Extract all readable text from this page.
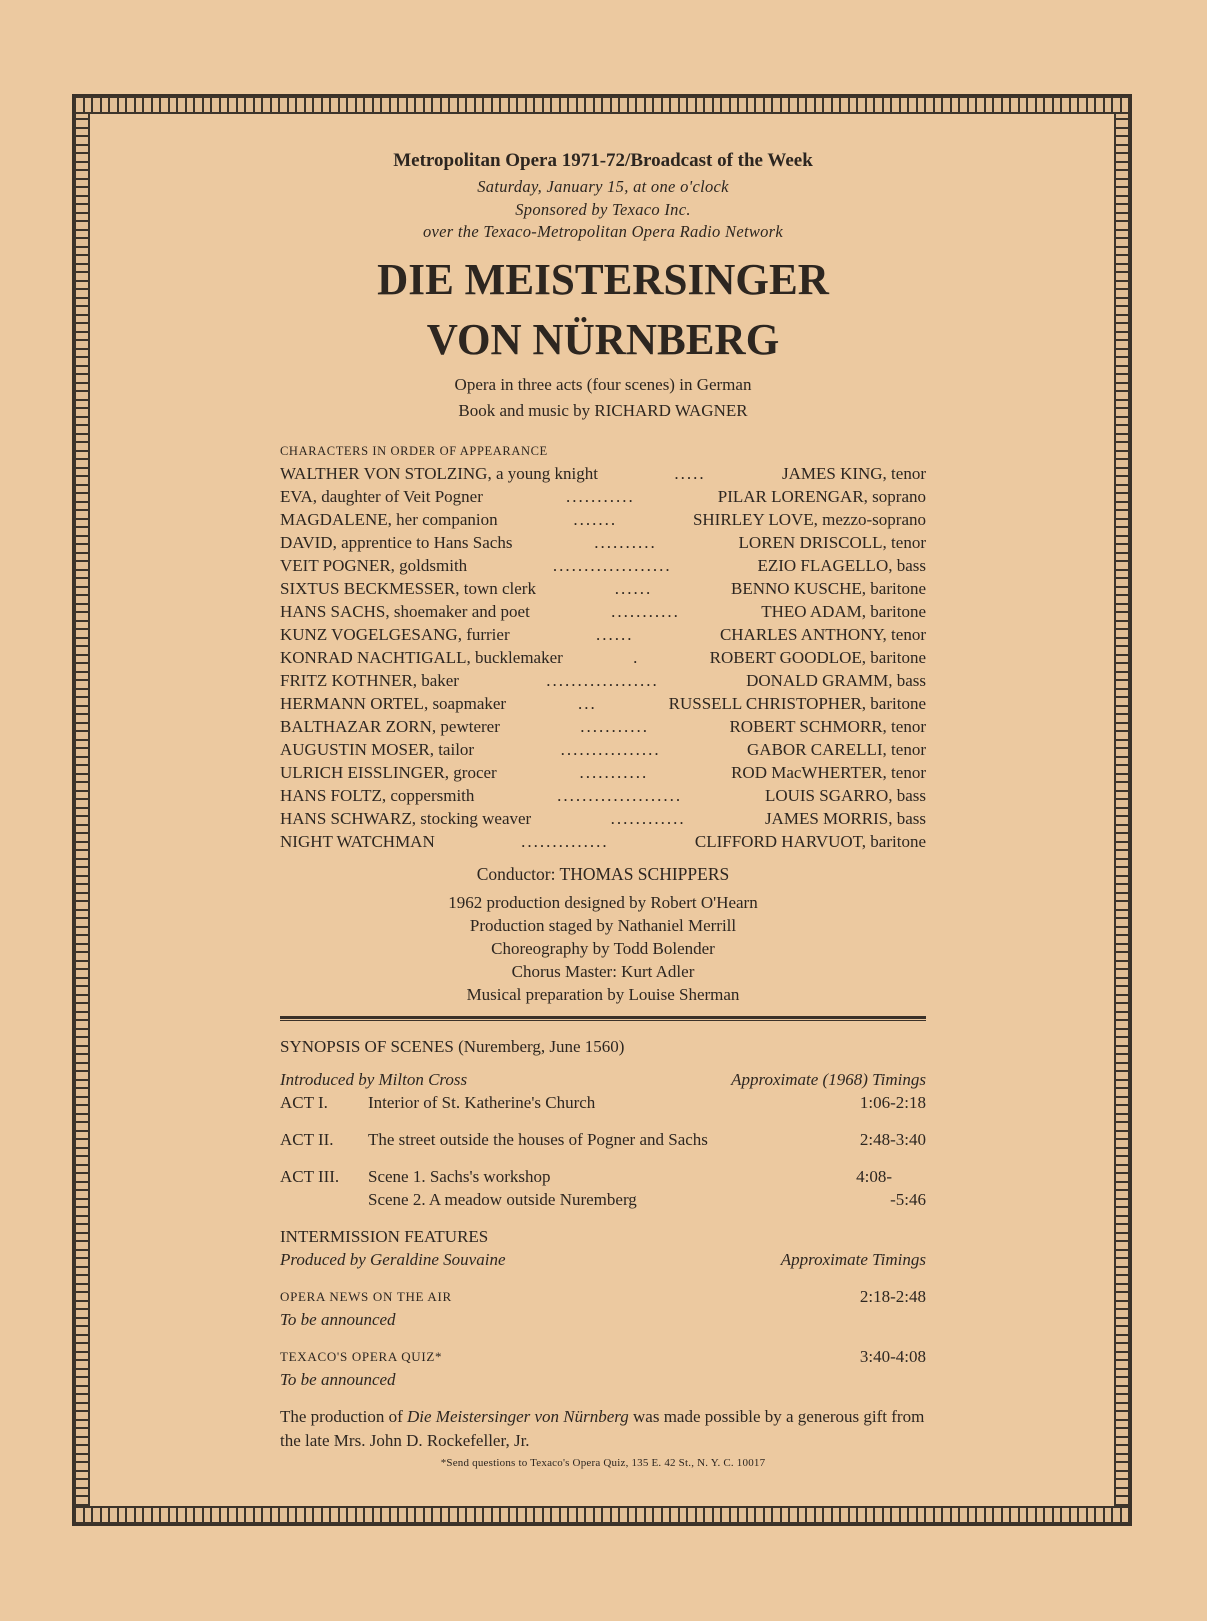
Metropolitan Opera 1971-72/Broadcast of the Week
Saturday, January 15, at one o'clock
Sponsored by Texaco Inc.
over the Texaco-Metropolitan Opera Radio Network
DIE MEISTERSINGER
VON NÜRNBERG
Opera in three acts (four scenes) in German
Book and music by RICHARD WAGNER
CHARACTERS IN ORDER OF APPEARANCE
WALTHER VON STOLZING, a young knight	.....	JAMES KING, tenor
EVA, daughter of Veit Pogner	...........	PILAR LORENGAR, soprano
MAGDALENE, her companion	.......	SHIRLEY LOVE, mezzo-soprano
DAVID, apprentice to Hans Sachs	..........	LOREN DRISCOLL, tenor
VEIT POGNER, goldsmith	...................	EZIO FLAGELLO, bass
SIXTUS BECKMESSER, town clerk	......	BENNO KUSCHE, baritone
HANS SACHS, shoemaker and poet	...........	THEO ADAM, baritone
KUNZ VOGELGESANG, furrier	......	CHARLES ANTHONY, tenor
KONRAD NACHTIGALL, bucklemaker	.	ROBERT GOODLOE, baritone
FRITZ KOTHNER, baker	..................	DONALD GRAMM, bass
HERMANN ORTEL, soapmaker	...	RUSSELL CHRISTOPHER, baritone
BALTHAZAR ZORN, pewterer	...........	ROBERT SCHMORR, tenor
AUGUSTIN MOSER, tailor	................	GABOR CARELLI, tenor
ULRICH EISSLINGER, grocer	...........	ROD MacWHERTER, tenor
HANS FOLTZ, coppersmith	....................	LOUIS SGARRO, bass
HANS SCHWARZ, stocking weaver	............	JAMES MORRIS, bass
NIGHT WATCHMAN	..............	CLIFFORD HARVUOT, baritone
Conductor: THOMAS SCHIPPERS
1962 production designed by Robert O'Hearn
Production staged by Nathaniel Merrill
Choreography by Todd Bolender
Chorus Master: Kurt Adler
Musical preparation by Louise Sherman
SYNOPSIS OF SCENES (Nuremberg, June 1560)
Introduced by Milton Cross	Approximate (1968) Timings
ACT I. Interior of St. Katherine's Church	1:06-2:18
ACT II. The street outside the houses of Pogner and Sachs	2:48-3:40
ACT III. Scene 1. Sachs's workshop	4:08-
Scene 2. A meadow outside Nuremberg	-5:46
INTERMISSION FEATURES
Produced by Geraldine Souvaine	Approximate Timings
OPERA NEWS ON THE AIR	2:18-2:48
To be announced
TEXACO'S OPERA QUIZ*	3:40-4:08
To be announced
The production of Die Meistersinger von Nürnberg was made possible by a generous gift from the late Mrs. John D. Rockefeller, Jr.
*Send questions to Texaco's Opera Quiz, 135 E. 42 St., N. Y. C. 10017
